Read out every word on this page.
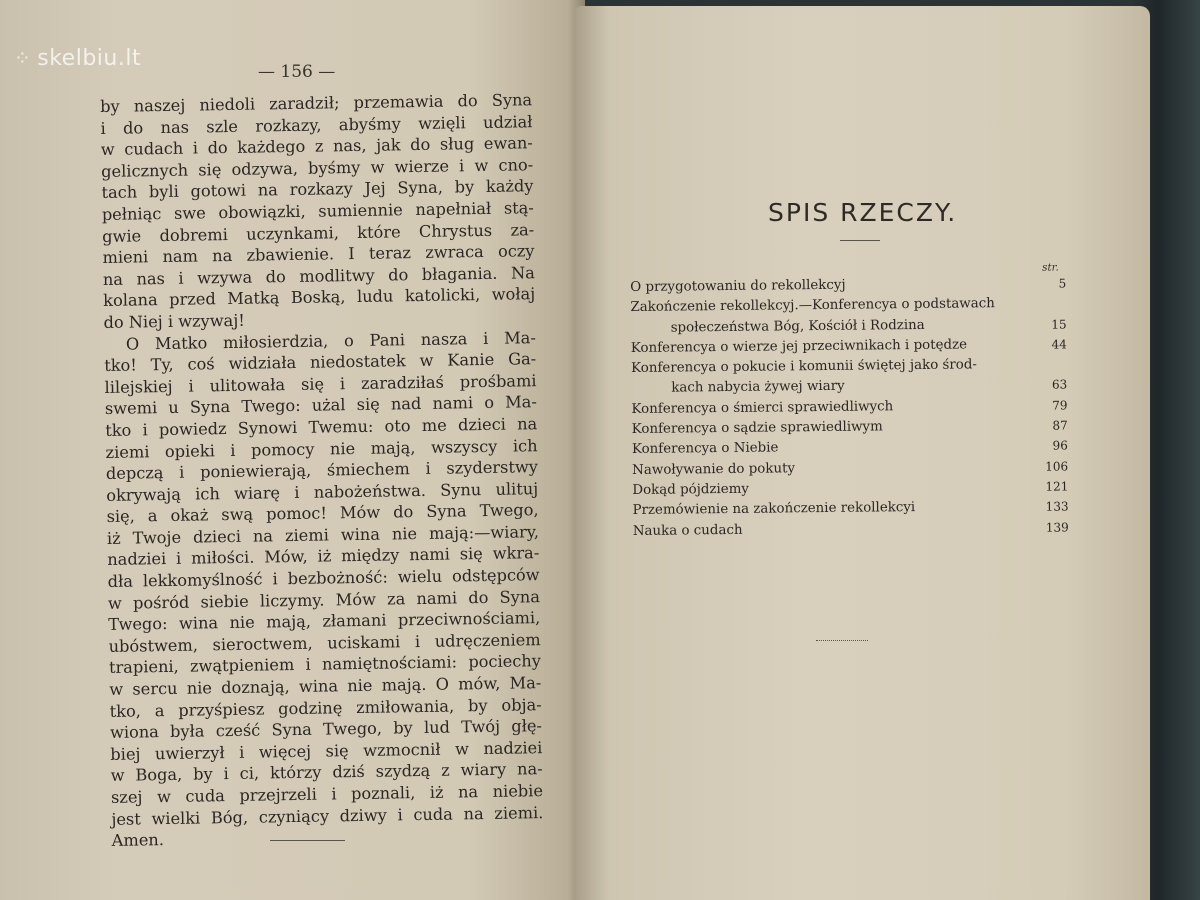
⁘ skelbiu.lt
— 156 —
by naszej niedoli zaradził; przemawia do Syna
i do nas szle rozkazy, abyśmy wzięli udział
w cudach i do każdego z nas, jak do sług ewan-
gelicznych się odzywa, byśmy w wierze i w cno-
tach byli gotowi na rozkazy Jej Syna, by każdy
pełniąc swe obowiązki, sumiennie napełniał stą-
gwie dobremi uczynkami, które Chrystus za-
mieni nam na zbawienie. I teraz zwraca oczy
na nas i wzywa do modlitwy do błagania. Na
kolana przed Matką Boską, ludu katolicki, wołaj
do Niej i wzywaj!
O Matko miłosierdzia, o Pani nasza i Ma-
tko! Ty, coś widziała niedostatek w Kanie Ga-
lilejskiej i ulitowała się i zaradziłaś prośbami
swemi u Syna Twego: użal się nad nami o Ma-
tko i powiedz Synowi Twemu: oto me dzieci na
ziemi opieki i pomocy nie mają, wszyscy ich
depczą i poniewierają, śmiechem i szyderstwy
okrywają ich wiarę i nabożeństwa. Synu ulituj
się, a okaż swą pomoc! Mów do Syna Twego,
iż Twoje dzieci na ziemi wina nie mają:—wiary,
nadziei i miłości. Mów, iż między nami się wkra-
dła lekkomyślność i bezbożność: wielu odstępców
w pośród siebie liczymy. Mów za nami do Syna
Twego: wina nie mają, złamani przeciwnościami,
ubóstwem, sieroctwem, uciskami i udręczeniem
trapieni, zwątpieniem i namiętnościami: pociechy
w sercu nie doznają, wina nie mają. O mów, Ma-
tko, a przyśpiesz godzinę zmiłowania, by obja-
wiona była cześć Syna Twego, by lud Twój głę-
biej uwierzył i więcej się wzmocnił w nadziei
w Boga, by i ci, którzy dziś szydzą z wiary na-
szej w cuda przejrzeli i poznali, iż na niebie
jest wielki Bóg, czyniący dziwy i cuda na ziemi.
Amen.
SPIS RZECZY.
str.
O przygotowaniu do rekollekcyj	5
Zakończenie rekollekcyj.—Konferencya o podstawach
społeczeństwa Bóg, Kościół i Rodzina	15
Konferencya o wierze jej przeciwnikach i potędze	44
Konferencya o pokucie i komunii świętej jako środ-
kach nabycia żywej wiary	63
Konferencya o śmierci sprawiedliwych	79
Konferencya o sądzie sprawiedliwym	87
Konferencya o Niebie	96
Nawoływanie do pokuty	106
Dokąd pójdziemy	121
Przemówienie na zakończenie rekollekcyi	133
Nauka o cudach	139
